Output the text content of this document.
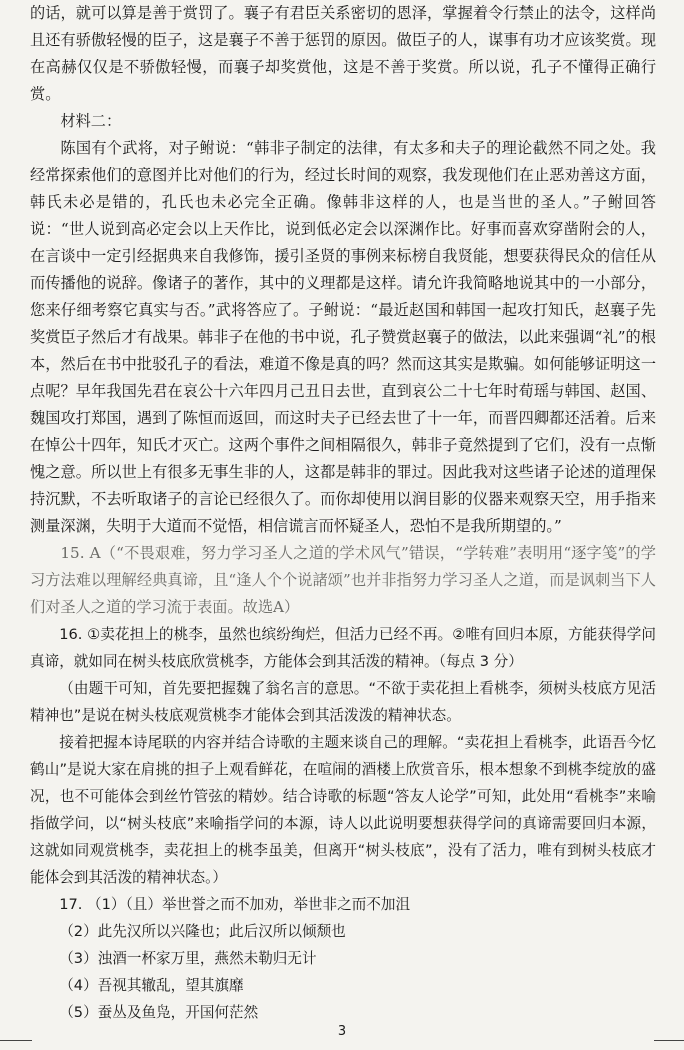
的话，就可以算是善于赏罚了。襄子有君臣关系密切的恩泽，掌握着令行禁止的法令，这样尚且还有骄傲轻慢的臣子，这是襄子不善于惩罚的原因。做臣子的人，谋事有功才应该奖赏。现在高赫仅仅是不骄傲轻慢，而襄子却奖赏他，这是不善于奖赏。所以说，孔子不懂得正确行赏。

材料二：

陈国有个武将，对子鲋说：“韩非子制定的法律，有太多和夫子的理论截然不同之处。我经常探索他们的意图并比对他们的行为，经过长时间的观察，我发现他们在止恶劝善这方面，韩氏未必是错的，孔氏也未必完全正确。像韩非这样的人，也是当世的圣人。”子鲋回答说：“世人说到高必定会以上天作比，说到低必定会以深渊作比。好事而喜欢穿凿附会的人，在言谈中一定引经据典来自我修饰，援引圣贤的事例来标榜自我贤能，想要获得民众的信任从而传播他的说辞。像诸子的著作，其中的义理都是这样。请允许我简略地说其中的一小部分，您来仔细考察它真实与否。”武将答应了。子鲋说：“最近赵国和韩国一起攻打知氏，赵襄子先奖赏臣子然后才有战果。韩非子在他的书中说，孔子赞赏赵襄子的做法，以此来强调“礼”的根本，然后在书中批驳孔子的看法，难道不像是真的吗？然而这其实是欺骗。如何能够证明这一点呢？早年我国先君在哀公十六年四月己丑日去世，直到哀公二十七年时荀瑶与韩国、赵国、魏国攻打郑国，遇到了陈恒而返回，而这时夫子已经去世了十一年，而晋四卿都还活着。后来在悼公十四年，知氏才灭亡。这两个事件之间相隔很久，韩非子竟然提到了它们，没有一点惭愧之意。所以世上有很多无事生非的人，这都是韩非的罪过。因此我对这些诸子论述的道理保持沉默，不去听取诸子的言论已经很久了。而你却使用以润目影的仪器来观察天空，用手指来测量深渊，失明于大道而不觉悟，相信谎言而怀疑圣人，恐怕不是我所期望的。”

15. A（“不畏艰难，努力学习圣人之道的学术风气”错误，“学转难”表明用“逐字笺”的学习方法难以理解经典真谛，且“逢人个个说諸颂”也并非指努力学习圣人之道，而是讽刺当下人们对圣人之道的学习流于表面。故选A）

16. ①卖花担上的桃李，虽然也缤纷绚烂，但活力已经不再。②唯有回归本原，方能获得学问真谛，就如同在树头枝底欣赏桃李，方能体会到其活泼的精神。（每点 3 分）

（由题干可知，首先要把握魏了翁名言的意思。“不欲于卖花担上看桃李，须树头枝底方见活精神也”是说在树头枝底观赏桃李才能体会到其活泼泼的精神状态。

接着把握本诗尾联的内容并结合诗歌的主题来谈自己的理解。“卖花担上看桃李，此语吾今忆鹤山”是说大家在肩挑的担子上观看鲜花，在喧闹的酒楼上欣赏音乐，根本想象不到桃李绽放的盛况，也不可能体会到丝竹管弦的精妙。结合诗歌的标题“答友人论学”可知，此处用“看桃李”来喻指做学问，以“树头枝底”来喻指学问的本源，诗人以此说明要想获得学问的真谛需要回归本源，这就如同观赏桃李，卖花担上的桃李虽美，但离开“树头枝底”，没有了活力，唯有到树头枝底才能体会到其活泼的精神状态。）

17. （1）（且）举世誉之而不加劝，举世非之而不加沮

（2）此先汉所以兴隆也；此后汉所以倾颓也

（3）浊酒一杯家万里，燕然未勒归无计

（4）吾视其辙乱，望其旗靡

（5）蚕丛及鱼凫，开国何茫然

3
